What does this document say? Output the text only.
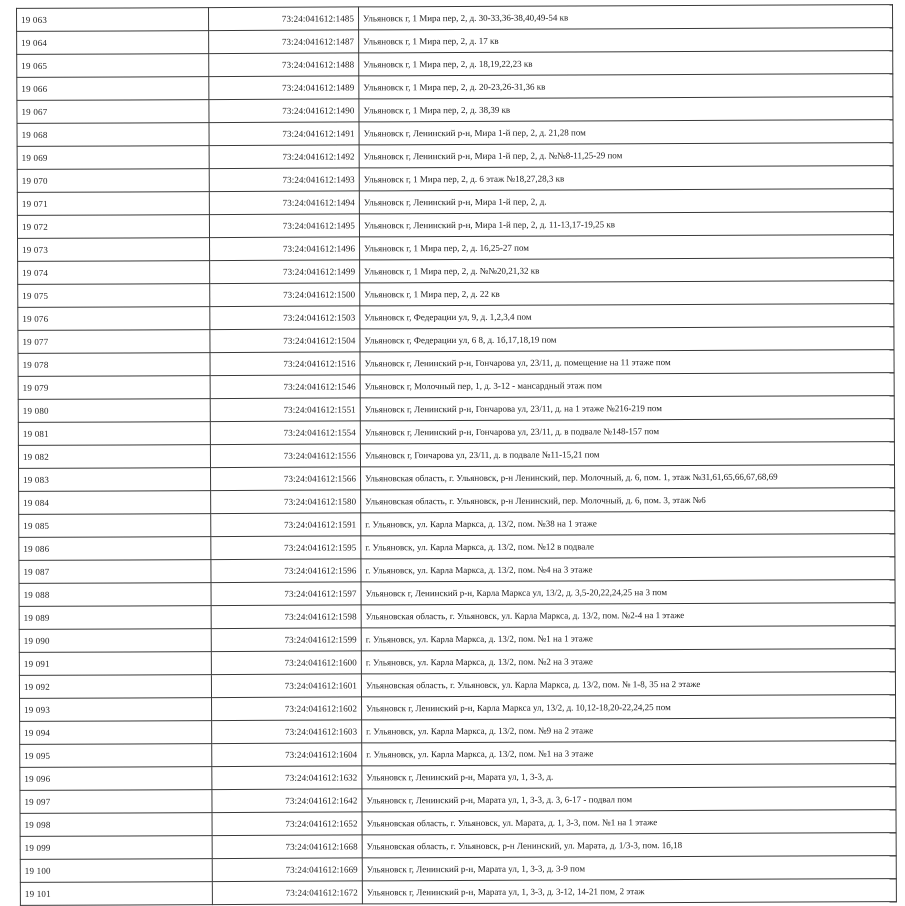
19 063	73:24:041612:1485	Ульяновск г, 1 Мира пер, 2, д. 30-33,36-38,40,49-54 кв
19 064	73:24:041612:1487	Ульяновск г, 1 Мира пер, 2, д. 17 кв
19 065	73:24:041612:1488	Ульяновск г, 1 Мира пер, 2, д. 18,19,22,23 кв
19 066	73:24:041612:1489	Ульяновск г, 1 Мира пер, 2, д. 20-23,26-31,36 кв
19 067	73:24:041612:1490	Ульяновск г, 1 Мира пер, 2, д. 38,39 кв
19 068	73:24:041612:1491	Ульяновск г, Ленинский р-н, Мира 1-й пер, 2, д. 21,28 пом
19 069	73:24:041612:1492	Ульяновск г, Ленинский р-н, Мира 1-й пер, 2, д. №№8-11,25-29 пом
19 070	73:24:041612:1493	Ульяновск г, 1 Мира пер, 2, д. 6 этаж №18,27,28,3 кв
19 071	73:24:041612:1494	Ульяновск г, Ленинский р-н, Мира 1-й пер, 2, д.
19 072	73:24:041612:1495	Ульяновск г, Ленинский р-н, Мира 1-й пер, 2, д. 11-13,17-19,25 кв
19 073	73:24:041612:1496	Ульяновск г, 1 Мира пер, 2, д. 16,25-27 пом
19 074	73:24:041612:1499	Ульяновск г, 1 Мира пер, 2, д. №№20,21,32 кв
19 075	73:24:041612:1500	Ульяновск г, 1 Мира пер, 2, д. 22 кв
19 076	73:24:041612:1503	Ульяновск г, Федерации ул, 9, д. 1,2,3,4 пом
19 077	73:24:041612:1504	Ульяновск г, Федерации ул, 6 8, д. 1б,17,18,19 пом
19 078	73:24:041612:1516	Ульяновск г, Ленинский р-н, Гончарова ул, 23/11, д. помещение на 11 этаже пом
19 079	73:24:041612:1546	Ульяновск г, Молочный пер, 1, д. 3-12 - мансардный этаж пом
19 080	73:24:041612:1551	Ульяновск г, Ленинский р-н, Гончарова ул, 23/11, д. на 1 этаже №216-219 пом
19 081	73:24:041612:1554	Ульяновск г, Ленинский р-н, Гончарова ул, 23/11, д. в подвале №148-157 пом
19 082	73:24:041612:1556	Ульяновск г, Гончарова ул, 23/11, д. в подвале №11-15,21 пом
19 083	73:24:041612:1566	Ульяновская область, г. Ульяновск, р-н Ленинский, пер. Молочный, д. 6, пом. 1, этаж №31,61,65,66,67,68,69
19 084	73:24:041612:1580	Ульяновская область, г. Ульяновск, р-н Ленинский, пер. Молочный, д. 6, пом. 3, этаж №6
19 085	73:24:041612:1591	г. Ульяновск, ул. Карла Маркса, д. 13/2, пом. №38 на 1 этаже
19 086	73:24:041612:1595	г. Ульяновск, ул. Карла Маркса, д. 13/2, пом. №12 в подвале
19 087	73:24:041612:1596	г. Ульяновск, ул. Карла Маркса, д. 13/2, пом. №4 на 3 этаже
19 088	73:24:041612:1597	Ульяновск г, Ленинский р-н, Карла Маркса ул, 13/2, д. 3,5-20,22,24,25 на 3 пом
19 089	73:24:041612:1598	Ульяновская область, г. Ульяновск, ул. Карла Маркса, д. 13/2, пом. №2-4 на 1 этаже
19 090	73:24:041612:1599	г. Ульяновск, ул. Карла Маркса, д. 13/2, пом. №1 на 1 этаже
19 091	73:24:041612:1600	г. Ульяновск, ул. Карла Маркса, д. 13/2, пом. №2 на 3 этаже
19 092	73:24:041612:1601	Ульяновская область, г. Ульяновск, ул. Карла Маркса, д. 13/2, пом. № 1-8, 35 на 2 этаже
19 093	73:24:041612:1602	Ульяновск г, Ленинский р-н, Карла Маркса ул, 13/2, д. 10,12-18,20-22,24,25 пом
19 094	73:24:041612:1603	г. Ульяновск, ул. Карла Маркса, д. 13/2, пом. №9 на 2 этаже
19 095	73:24:041612:1604	г. Ульяновск, ул. Карла Маркса, д. 13/2, пом. №1 на 3 этаже
19 096	73:24:041612:1632	Ульяновск г, Ленинский р-н, Марата ул, 1, 3-3, д.
19 097	73:24:041612:1642	Ульяновск г, Ленинский р-н, Марата ул, 1, 3-3, д. 3, 6-17 - подвал пом
19 098	73:24:041612:1652	Ульяновская область, г. Ульяновск, ул. Марата, д. 1, 3-3, пом. №1 на 1 этаже
19 099	73:24:041612:1668	Ульяновская область, г. Ульяновск, р-н Ленинский, ул. Марата, д. 1/3-3, пом. 1б,18
19 100	73:24:041612:1669	Ульяновск г, Ленинский р-н, Марата ул, 1, 3-3, д. 3-9 пом
19 101	73:24:041612:1672	Ульяновск г, Ленинский р-н, Марата ул, 1, 3-3, д. 3-12, 14-21 пом, 2 этаж
